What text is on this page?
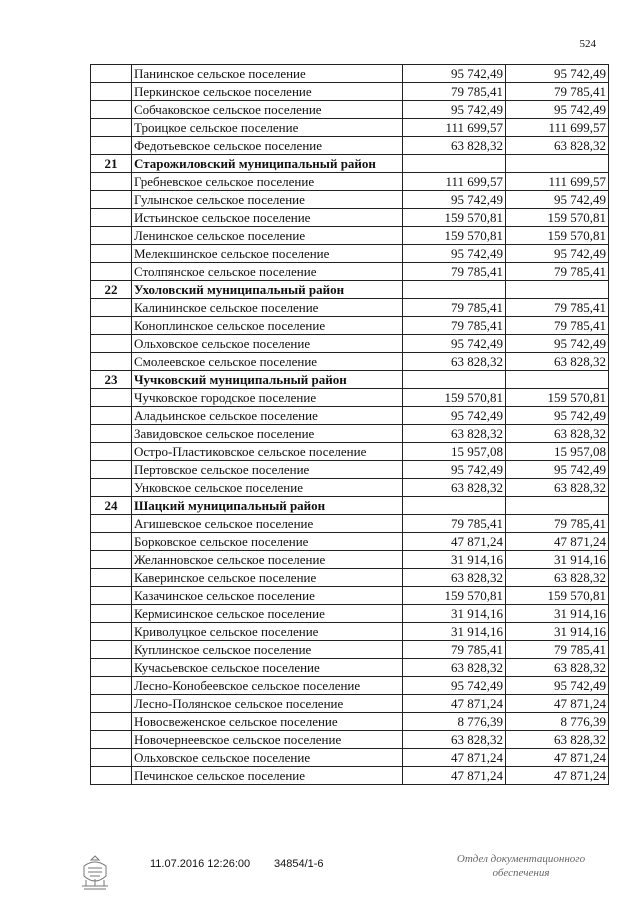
524
	Панинское сельское поселение	95 742,49	95 742,49
	Перкинское сельское поселение	79 785,41	79 785,41
	Собчаковское сельское поселение	95 742,49	95 742,49
	Троицкое сельское поселение	111 699,57	111 699,57
	Федотьевское сельское поселение	63 828,32	63 828,32
21	Старожиловский муниципальный район		
	Гребневское сельское поселение	111 699,57	111 699,57
	Гулынское сельское поселение	95 742,49	95 742,49
	Истьинское сельское поселение	159 570,81	159 570,81
	Ленинское сельское поселение	159 570,81	159 570,81
	Мелекшинское сельское поселение	95 742,49	95 742,49
	Столпянское сельское поселение	79 785,41	79 785,41
22	Ухоловский муниципальный район		
	Калининское сельское поселение	79 785,41	79 785,41
	Коноплинское сельское поселение	79 785,41	79 785,41
	Ольховское сельское поселение	95 742,49	95 742,49
	Смолеевское сельское поселение	63 828,32	63 828,32
23	Чучковский муниципальный район		
	Чучковское городское поселение	159 570,81	159 570,81
	Аладьинское сельское поселение	95 742,49	95 742,49
	Завидовское сельское поселение	63 828,32	63 828,32
	Остро-Пластиковское сельское поселение	15 957,08	15 957,08
	Пертовское сельское поселение	95 742,49	95 742,49
	Унковское сельское поселение	63 828,32	63 828,32
24	Шацкий муниципальный район		
	Агишевское сельское поселение	79 785,41	79 785,41
	Борковское сельское поселение	47 871,24	47 871,24
	Желанновское сельское поселение	31 914,16	31 914,16
	Каверинское сельское поселение	63 828,32	63 828,32
	Казачинское сельское поселение	159 570,81	159 570,81
	Кермисинское сельское поселение	31 914,16	31 914,16
	Криволуцкое сельское поселение	31 914,16	31 914,16
	Куплинское сельское поселение	79 785,41	79 785,41
	Кучасьевское сельское поселение	63 828,32	63 828,32
	Лесно-Конобеевское сельское поселение	95 742,49	95 742,49
	Лесно-Полянское сельское поселение	47 871,24	47 871,24
	Новосвеженское сельское поселение	8 776,39	8 776,39
	Новочернеевское сельское поселение	63 828,32	63 828,32
	Ольховское сельское поселение	47 871,24	47 871,24
	Печинское сельское поселение	47 871,24	47 871,24
11.07.2016 12:26:00 34854/1-6	Отдел документационного
обеспечения
